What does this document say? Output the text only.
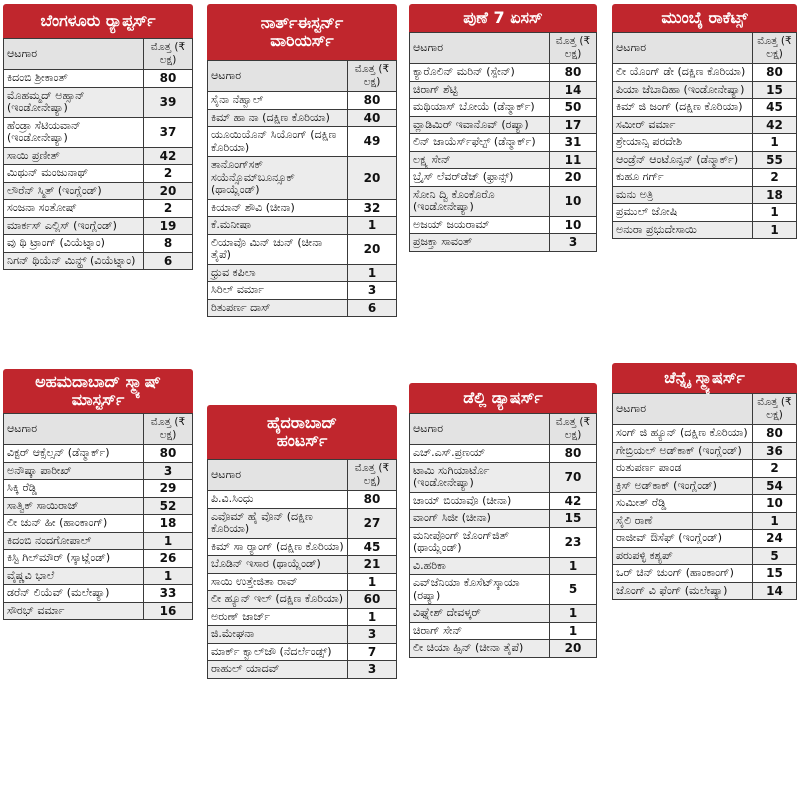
ಬೆಂಗಳೂರು ರ್‍ಯಾಪ್ಟರ್ಸ್
ಆಟಗಾರ	ಮೊತ್ತ (₹ ಲಕ್ಷ)
ಕಿದಂಬಿ ಶ್ರೀಕಾಂತ್	80
ಮೊಹಮ್ಮದ್‌ ಅಹ್ಸಾನ್ (ಇಂಡೋನೇಷ್ಯಾ)	39
ಹೆಂಡ್ರಾ ಸೆಟಿಯವಾನ್ (ಇಂಡೋನೇಷ್ಯಾ)	37
ಸಾಯಿ ಪ್ರಣೀತ್‌	42
ಮಿಥುನ್ ಮಂಜುನಾಥ್	2
ಲೌರೆನ್ ಸ್ಮಿತ್ (ಇಂಗ್ಲೆಂಡ್)	20
ಸಂಜನಾ ಸಂತೋಷ್‌	2
ಮಾರ್ಕಸ್ ಎಲ್ಲಿಸ್ (ಇಂಗ್ಲೆಂಡ್)	19
ವು ಥಿ ಟ್ರಾಂಗ್ (ವಿಯೆಟ್ನಾಂ)	8
ನಿಗನ್ ಥಿಯೆನ್ ಮಿನ್ಹ್ (ವಿಯೆಟ್ನಾಂ)	6
ನಾರ್ತ್‌ಈಸ್ಟರ್ನ್ ವಾರಿಯರ್ಸ್
ಆಟಗಾರ	ಮೊತ್ತ (₹ ಲಕ್ಷ)
ಸೈನಾ ನೆಹ್ವಾಲ್	80
ಕಿಮ್ ಹಾ ನಾ (ದಕ್ಷಿಣ ಕೊರಿಯಾ)	40
ಯೂಯಿಯೊನ್ ಸಿಯೊಂಗ್ (ದಕ್ಷಿಣ ಕೊರಿಯಾ)	49
ತಾನೊಂಗ್‌ಸಕ್ ಸಯೆನ್ಸೊಮ್‌ಬೂನ್ಸೂಕ್ (ಥಾಯ್ಲೆಂಡ್)	20
ಕಿಯಾನ್ ಶೌವಿ (ಚೀನಾ)	32
ಕೆ.ಮನೀಷಾ	1
ಲಿಯಾವೊ ಮಿನ್ ಚುನ್ (ಚೀನಾ ತೈಪೆ)	20
ಧ್ರುವ ಕಪಿಲಾ	1
ಸಿರಿಲ್ ವರ್ಮಾ	3
ರಿತುಪರ್ಣ ದಾಸ್	6
ಪುಣೆ 7 ಏಸಸ್
ಆಟಗಾರ	ಮೊತ್ತ (₹ ಲಕ್ಷ)
ಕ್ಯಾರೊಲಿನ್ ಮರಿನ್ (ಸ್ಪೇನ್)	80
ಚಿರಾಗ್ ಶೆಟ್ಟಿ	14
ಮಥಿಯಾಸ್ ಬೋಯೆ (ಡೆನ್ಮಾರ್ಕ್)	50
ವ್ಲಾಡಿಮಿರ್ ಇವಾನೊವ್ (ರಷ್ಯಾ)	17
ಲಿನ್ ಜಾಯೆರ್ಸ್‌ಫೆಲ್ಟ್ (ಡೆನ್ಮಾರ್ಕ್)	31
ಲಕ್ಷ್ಯ ಸೇನ್	11
ಬ್ರೈಸ್ ಲೆವರ್‌ಡೆಜ್ (ಫ್ರಾನ್ಸ್)	20
ಸೋನಿ ದ್ವಿ ಕೊಂಕೊರೊ (ಇಂಡೋನೇಷ್ಯಾ)	10
ಅಜಯ್ ಜಯರಾಮ್	10
ಪ್ರಜಕ್ತಾ ಸಾವಂತ್‌	3
ಮುಂಬೈ ರಾಕೆಟ್ಸ್‌
ಆಟಗಾರ	ಮೊತ್ತ (₹ ಲಕ್ಷ)
ಲೀ ಯೊಂಗ್ ಡೇ (ದಕ್ಷಿಣ ಕೊರಿಯಾ)	80
ಪಿಯಾ ಜೆಬಾದಿಹಾ (ಇಂಡೋನೇಷ್ಯಾ)	15
ಕಿಮ್ ಜಿ ಜಂಗ್ (ದಕ್ಷಿಣ ಕೊರಿಯಾ)	45
ಸಮೀರ್ ವರ್ಮಾ	42
ಶ್ರೇಯಾನ್ಸಿ ಪರದೇಶಿ	1
ಆಂಡ್ರೆನ್ ಆಂಟೊನ್ಸನ್ (ಡೆನ್ಮಾರ್ಕ್)	55
ಕುಹೂ ಗರ್ಗ್	2
ಮನು ಅತ್ರಿ	18
ಪ್ರಮುಲ್ ಜೋಷಿ	1
ಅನುರಾ ಪ್ರಭುದೇಸಾಯಿ	1
ಅಹಮದಾಬಾದ್ ಸ್ಮ್ಯಾಷ್ ಮಾಸ್ಟರ್ಸ್
ಆಟಗಾರ	ಮೊತ್ತ (₹ ಲಕ್ಷ)
ವಿಕ್ಟರ್ ಆಕ್ಸೆಲ್ಸನ್ (ಡೆನ್ಮಾರ್ಕ್)	80
ಅನೌಷ್ಕಾ ಪಾರೀಖ್	3
ಸಿಕ್ಕಿ ರೆಡ್ಡಿ	29
ಸಾತ್ವಿಕ್ ಸಾಯಿರಾಜ್	52
ಲೀ ಚುನ್ ಹೀ (ಹಾಂಕಾಂಗ್)	18
ಕಿದಂಬಿ ನಂದಗೋಪಾಲ್	1
ಕಿಸ್ಟಿ ಗಿಲ್‌ಮೌರ್ (ಸ್ಕಾಟ್ಲೆಂಡ್)	26
ವೈಷ್ಣವಿ ಭಾಲೆ	1
ಡರೆನ್ ಲಿಯೆವ್ (ಮಲೇಷ್ಯಾ)	33
ಸೌರಭ್ ವರ್ಮಾ	16
ಹೈದರಾಬಾದ್ ಹಂಟರ್ಸ್
ಆಟಗಾರ	ಮೊತ್ತ (₹ ಲಕ್ಷ)
ಪಿ.ವಿ.ಸಿಂಧು	80
ಎವೊಮ್ ಹೈ ವೊನ್ (ದಕ್ಷಿಣ ಕೊರಿಯಾ)	27
ಕಿಮ್ ಸಾ ರ್‍ಯಾಂಗ್ (ದಕ್ಷಿಣ ಕೊರಿಯಾ)	45
ಬೊಡಿನ್ ಇಸಾರ (ಥಾಯ್ಲೆಂಡ್)	21
ಸಾಯಿ ಉತ್ತೇಜಿತಾ ರಾವ್	1
ಲೀ ಹ್ಯೂನ್ ಇಲ್ (ದಕ್ಷಿಣ ಕೊರಿಯಾ)	60
ಅರುಣ್ ಜಾರ್ಜ್	1
ಜಿ.ಮೇಘನಾ	3
ಮಾರ್ಕ್ ಕ್ವಾಲ್‌ಜೌ (ನೆದರ್ಲೆಂಡ್ಸ್)	7
ರಾಹುಲ್ ಯಾದವ್	3
ಡೆಲ್ಲಿ ಡ್ಯಾಷರ್ಸ್‌
ಆಟಗಾರ	ಮೊತ್ತ (₹ ಲಕ್ಷ)
ಎಚ್.ಎಸ್.ಪ್ರಣಯ್	80
ಟಾಮಿ ಸುಗಿಯಾರ್ಟೊ (ಇಂಡೋನೇಷ್ಯಾ)	70
ಚಾಯ್ ಬಿಯಾವೊ (ಚೀನಾ)	42
ವಾಂಗ್ ಸಿಜೀ (ಚೀನಾ)	15
ಮನೀಪೊಂಗ್ ಜೊಂಗ್‌ಜಿತ್ (ಥಾಯ್ಲೆಂಡ್)	23
ವಿ.ಹರಿಕಾ	1
ಎವ್‌ಜೆನಿಯಾ ಕೊಸೆಟ್‌ಸ್ಕಾಯಾ (ರಷ್ಯಾ)	5
ವಿಘ್ನೇಶ್ ದೇವಳ್ಕರ್	1
ಚಿರಾಗ್ ಸೇನ್	1
ಲೀ ಚಿಯಾ ಹ್ಸಿನ್ (ಚೀನಾ ತೈಪೆ)	20
ಚೆನ್ನೈ ಸ್ಮ್ಯಾಷರ್ಸ್‌
ಆಟಗಾರ	ಮೊತ್ತ (₹ ಲಕ್ಷ)
ಸಂಗ್ ಜಿ ಹ್ಯೂನ್ (ದಕ್ಷಿಣ ಕೊರಿಯಾ)	80
ಗೇಬ್ರಿಯಲ್ ಅಡ್‌ಕಾಕ್ (ಇಂಗ್ಲೆಂಡ್)	36
ರುತುಪರ್ಣ ಪಾಂಡ	2
ಕ್ರಿಸ್ ಅಡ್‌ಕಾಕ್ (ಇಂಗ್ಲೆಂಡ್)	54
ಸುಮೀತ್ ರೆಡ್ಡಿ	10
ಸೈಲಿ ರಾಣೆ	1
ರಾಜೀವ್ ಔಸೆಫ್ (ಇಂಗ್ಲೆಂಡ್)	24
ಪರುಪಳ್ಳಿ ಕಶ್ಯಪ್	5
ಒರ್ ಚಿನ್ ಚುಂಗ್ (ಹಾಂಕಾಂಗ್)	15
ಜೊಂಗ್ ವಿ ಫೆಂಗ್ (ಮಲೇಷ್ಯಾ)	14
